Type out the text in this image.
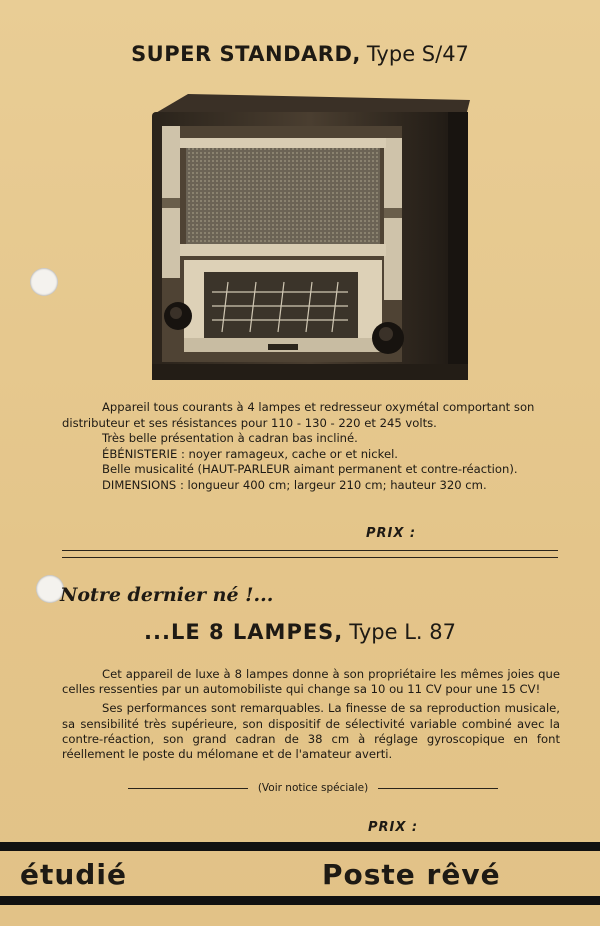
SUPER STANDARD, Type S/47

Appareil tous courants à 4 lampes et redresseur oxymétal comportant son distributeur et ses résistances pour 110 - 130 - 220 et 245 volts.

Très belle présentation à cadran bas incliné.

ÉBÉNISTERIE : noyer ramageux, cache or et nickel.

Belle musicalité (HAUT-PARLEUR aimant permanent et contre-réaction).

DIMENSIONS : longueur 400 cm; largeur 210 cm; hauteur 320 cm.

PRIX :
Notre dernier né !...
...LE 8 LAMPES, Type L. 87

Cet appareil de luxe à 8 lampes donne à son propriétaire les mêmes joies que celles ressenties par un automobiliste qui change sa 10 ou 11 CV pour une 15 CV!

Ses performances sont remarquables. La finesse de sa reproduction musicale, sa sensibilité très supérieure, son dispositif de sélectivité variable combiné avec la contre-réaction, son grand cadran de 38 cm à réglage gyroscopique en font réellement le poste du mélomane et de l'amateur averti.

(Voir notice spéciale)
PRIX :
étudié	Poste rêvé
